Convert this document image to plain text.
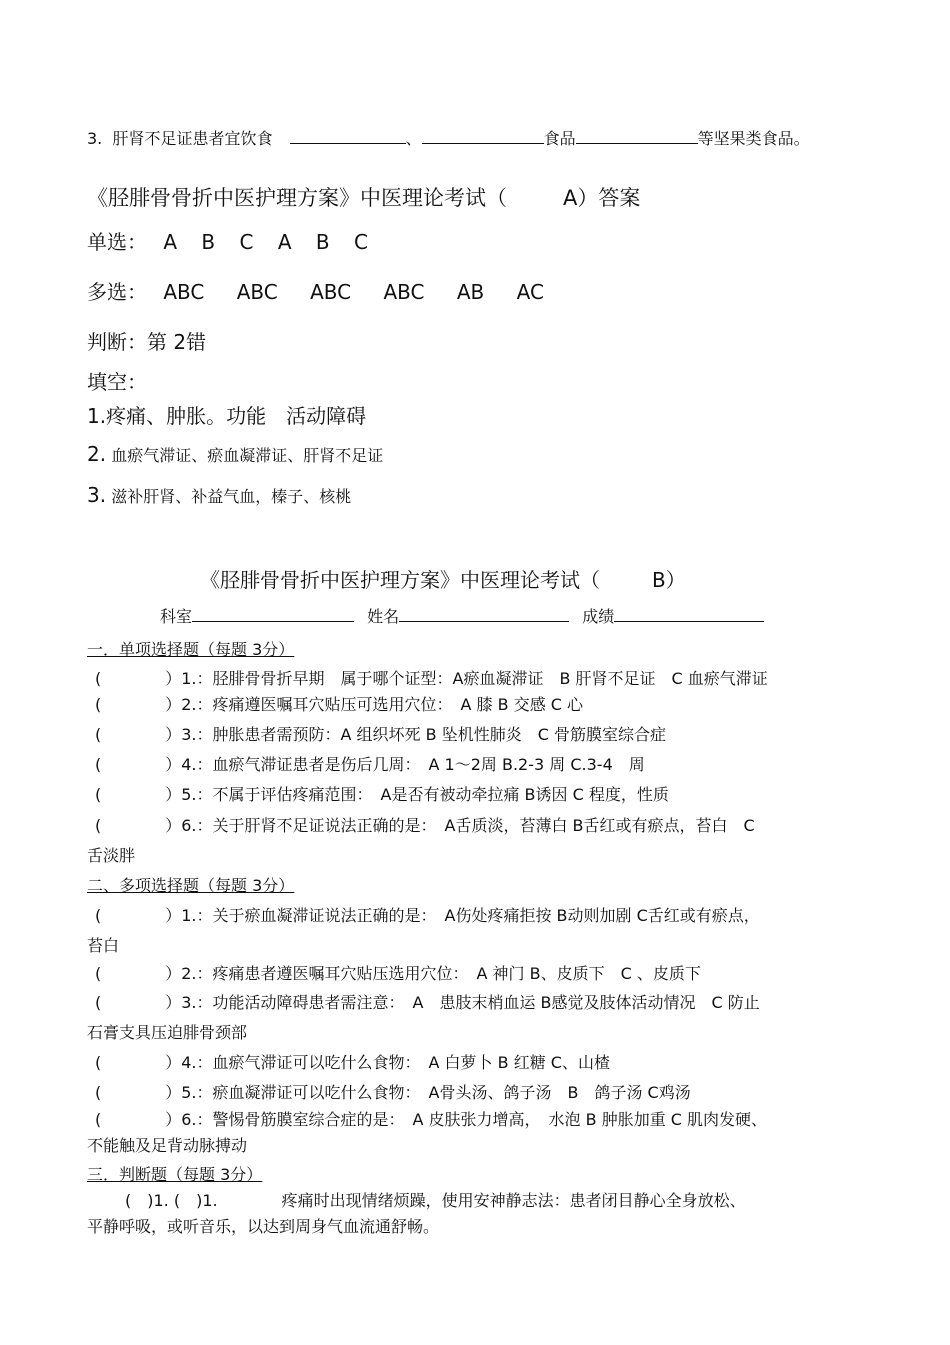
3. 肝肾不足证患者宜饮食	、	食品	等坚果类食品。
《胫腓骨骨折中医护理方案》中医理论考试（	A）答案
单选： A B C A B C
多选： ABC ABC ABC ABC AB AC
判断：第 2错
填空：
1.疼痛、肿胀。功能　活动障碍
2. 血瘀气滞证、瘀血凝滞证、肝肾不足证
3. 滋补肝肾、补益气血，榛子、核桃
《胫腓骨骨折中医护理方案》中医理论考试（	B）
科室	姓名	成绩
一．单项选择题（每题 3分）
(	）1.：胫腓骨骨折早期　属于哪个证型：A瘀血凝滞证　B 肝肾不足证　C 血瘀气滞证
(	）2.：疼痛遵医嘱耳穴贴压可选用穴位：　A 膝 B 交感 C 心
(	）3.：肿胀患者需预防：A 组织坏死 B 坠机性肺炎　C 骨筋膜室综合症
(	）4.：血瘀气滞证患者是伤后几周：　A 1～2周 B.2-3 周 C.3-4　周
(	）5.：不属于评估疼痛范围：　A是否有被动牵拉痛 B诱因 C 程度，性质
(	）6.：关于肝肾不足证说法正确的是：　A舌质淡，苔薄白 B舌红或有瘀点，苔白　C
舌淡胖
二、多项选择题（每题 3分）
(	）1.：关于瘀血凝滞证说法正确的是：　A伤处疼痛拒按 B动则加剧 C舌红或有瘀点，
苔白
(	）2.：疼痛患者遵医嘱耳穴贴压选用穴位：　A 神门 B、皮质下　C 、皮质下
(	）3.：功能活动障碍患者需注意：　A　患肢末梢血运 B感觉及肢体活动情况　C 防止
石膏支具压迫腓骨颈部
(	）4.：血瘀气滞证可以吃什么食物：　A 白萝卜 B 红糖 C、山楂
(	）5.：瘀血凝滞证可以吃什么食物：　A骨头汤、鸽子汤　B　鸽子汤 C鸡汤
(	）6.：警惕骨筋膜室综合症的是：　A 皮肤张力增高，　水泡 B 肿胀加重 C 肌肉发硬、
不能触及足背动脉搏动
三．判断题（每题 3分）
(　)1. (　)1.　　　　疼痛时出现情绪烦躁，使用安神静志法：患者闭目静心全身放松、
平静呼吸，或听音乐，以达到周身气血流通舒畅。
